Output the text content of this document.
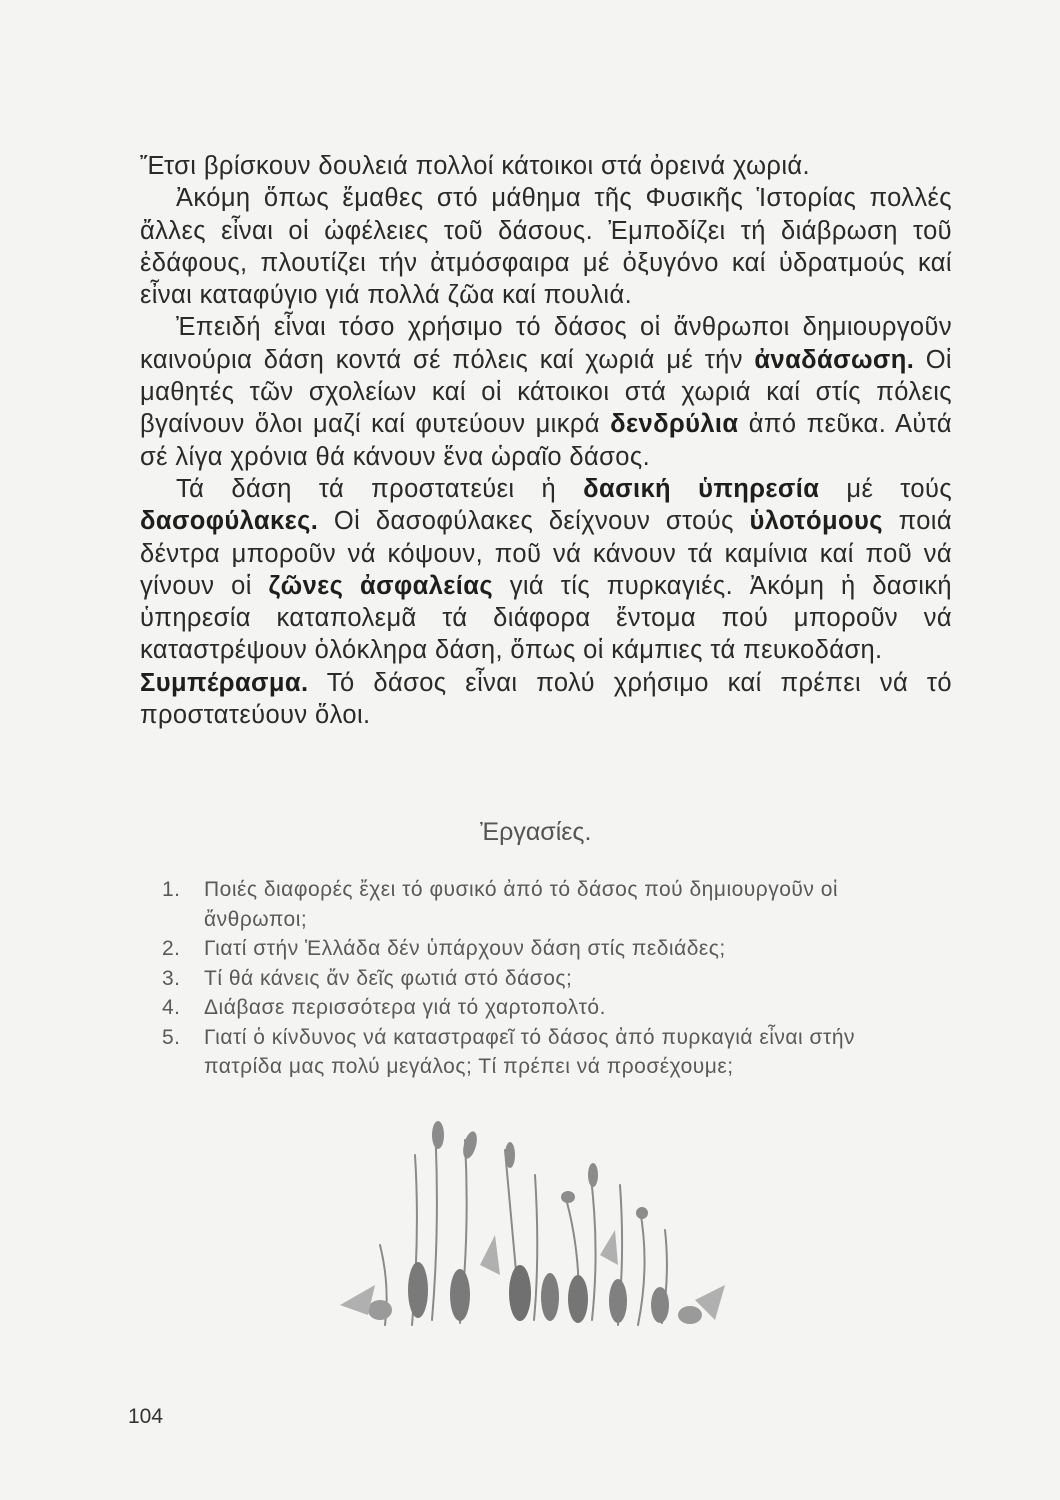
Ἔτσι βρίσκουν δουλειά πολλοί κάτοικοι στά ὀρεινά χωριά.

Ἀκόμη ὅπως ἔμαθες στό μάθημα τῆς Φυσικῆς Ἱστορίας πολλές ἄλλες εἶναι οἱ ὠφέλειες τοῦ δάσους. Ἐμποδίζει τή διάβρωση τοῦ ἐδάφους, πλουτίζει τήν ἀτμόσφαιρα μέ ὀξυγόνο καί ὑδρατμούς καί εἶναι καταφύγιο γιά πολλά ζῶα καί πουλιά.

Ἐπειδή εἶναι τόσο χρήσιμο τό δάσος οἱ ἄνθρωποι δημιουργοῦν καινούρια δάση κοντά σέ πόλεις καί χωριά μέ τήν ἀναδάσωση. Οἱ μαθητές τῶν σχολείων καί οἱ κάτοικοι στά χωριά καί στίς πόλεις βγαίνουν ὅλοι μαζί καί φυτεύουν μικρά δενδρύλια ἀπό πεῦκα. Αὐτά σέ λίγα χρόνια θά κάνουν ἕνα ὡραῖο δάσος.

Τά δάση τά προστατεύει ἡ δασική ὑπηρεσία μέ τούς δασοφύλακες. Οἱ δασοφύλακες δείχνουν στούς ὑλοτόμους ποιά δέντρα μποροῦν νά κόψουν, ποῦ νά κάνουν τά καμίνια καί ποῦ νά γίνουν οἱ ζῶνες ἀσφαλείας γιά τίς πυρκαγιές. Ἀκόμη ἡ δασική ὑπηρεσία καταπολεμᾶ τά διάφορα ἔντομα πού μποροῦν νά καταστρέψουν ὁλόκληρα δάση, ὅπως οἱ κάμπιες τά πευκοδάση.

Συμπέρασμα. Τό δάσος εἶναι πολύ χρήσιμο καί πρέπει νά τό προστατεύουν ὅλοι.

Ἐργασίες.
1.	Ποιές διαφορές ἔχει τό φυσικό ἀπό τό δάσος πού δημιουργοῦν οἱ ἄνθρωποι;
2.	Γιατί στήν Ἑλλάδα δέν ὑπάρχουν δάση στίς πεδιάδες;
3.	Τί θά κάνεις ἄν δεῖς φωτιά στό δάσος;
4.	Διάβασε περισσότερα γιά τό χαρτοπολτό.
5.	Γιατί ὁ κίνδυνος νά καταστραφεῖ τό δάσος ἀπό πυρκαγιά εἶναι στήν πατρίδα μας πολύ μεγάλος; Τί πρέπει νά προσέχουμε;
104
